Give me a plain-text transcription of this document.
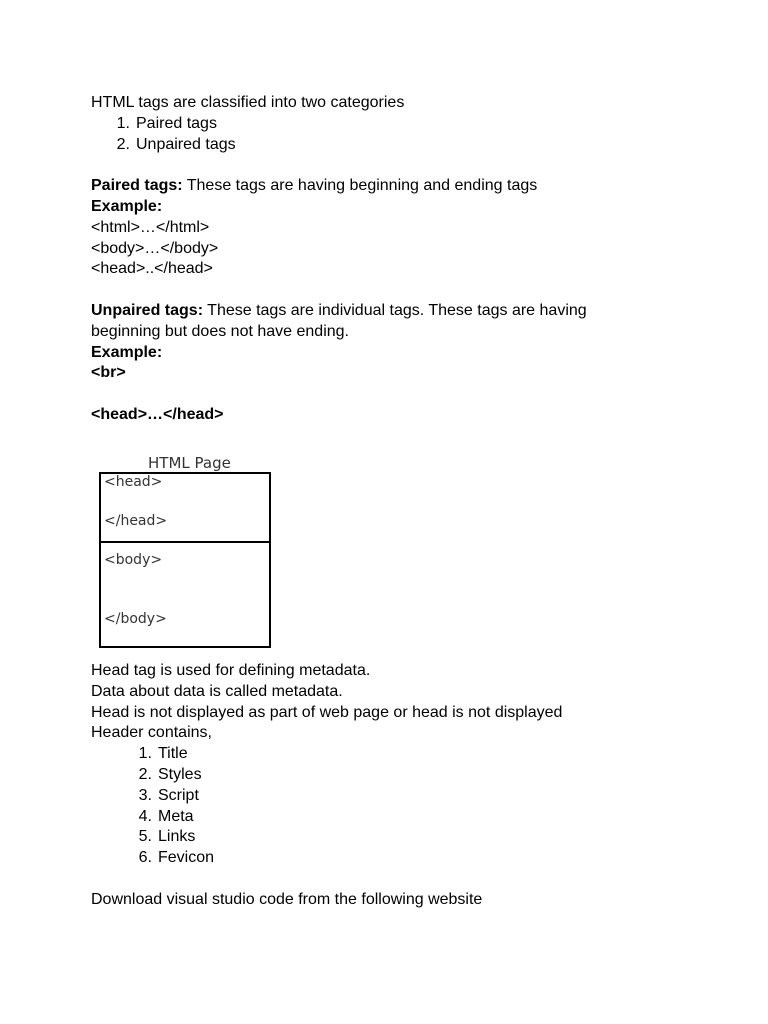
HTML tags are classified into two categories
1. Paired tags
2. Unpaired tags
Paired tags: These tags are having beginning and ending tags
Example:
<html>…</html>
<body>…</body>
<head>..</head>
Unpaired tags: These tags are individual tags. These tags are having
beginning but does not have ending.
Example:
<br>
<head>…</head>
HTML Page
<head>
</head>
<body>
</body>
Head tag is used for defining metadata.
Data about data is called metadata.
Head is not displayed as part of web page or head is not displayed
Header contains,
1. Title
2. Styles
3. Script
4. Meta
5. Links
6. Fevicon
Download visual studio code from the following website
